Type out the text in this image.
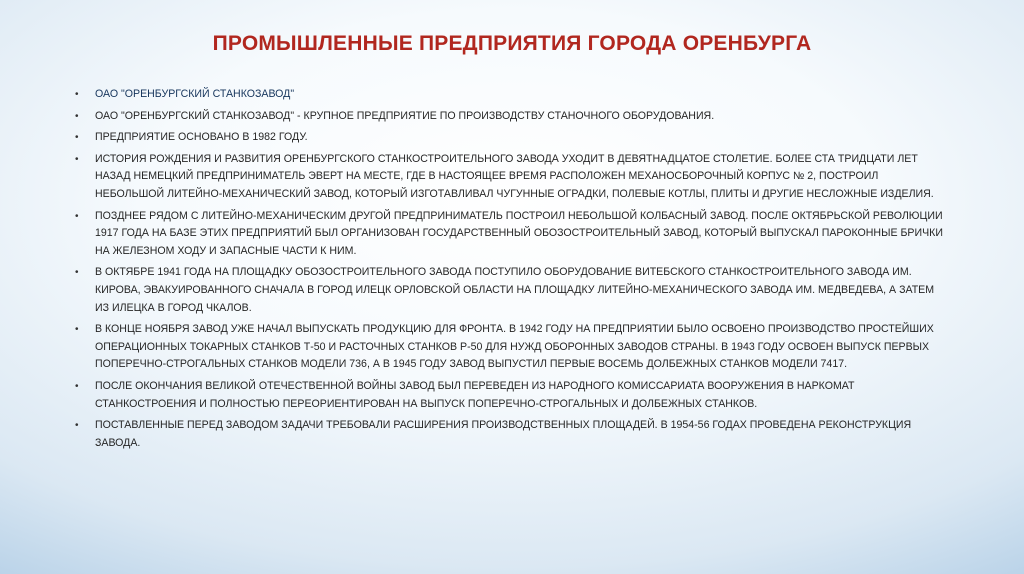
ПРОМЫШЛЕННЫЕ ПРЕДПРИЯТИЯ ГОРОДА ОРЕНБУРГА
• ОАО "ОРЕНБУРГСКИЙ СТАНКОЗАВОД"
• ОАО "ОРЕНБУРГСКИЙ СТАНКОЗАВОД" - КРУПНОЕ ПРЕДПРИЯТИЕ ПО ПРОИЗВОДСТВУ СТАНОЧНОГО ОБОРУДОВАНИЯ.
• ПРЕДПРИЯТИЕ ОСНОВАНО В 1982 ГОДУ.
• ИСТОРИЯ РОЖДЕНИЯ И РАЗВИТИЯ ОРЕНБУРГСКОГО СТАНКОСТРОИТЕЛЬНОГО ЗАВОДА УХОДИТ В ДЕВЯТНАДЦАТОЕ СТОЛЕТИЕ. БОЛЕЕ СТА ТРИДЦАТИ ЛЕТ НАЗАД НЕМЕЦКИЙ ПРЕДПРИНИМАТЕЛЬ ЭВЕРТ НА МЕСТЕ, ГДЕ В НАСТОЯЩЕЕ ВРЕМЯ РАСПОЛОЖЕН МЕХАНОСБОРОЧНЫЙ КОРПУС № 2, ПОСТРОИЛ НЕБОЛЬШОЙ ЛИТЕЙНО-МЕХАНИЧЕСКИЙ ЗАВОД, КОТОРЫЙ ИЗГОТАВЛИВАЛ ЧУГУННЫЕ ОГРАДКИ, ПОЛЕВЫЕ КОТЛЫ, ПЛИТЫ И ДРУГИЕ НЕСЛОЖНЫЕ ИЗДЕЛИЯ.
• ПОЗДНЕЕ РЯДОМ С ЛИТЕЙНО-МЕХАНИЧЕСКИМ ДРУГОЙ ПРЕДПРИНИМАТЕЛЬ ПОСТРОИЛ НЕБОЛЬШОЙ КОЛБАСНЫЙ ЗАВОД. ПОСЛЕ ОКТЯБРЬСКОЙ РЕВОЛЮЦИИ 1917 ГОДА НА БАЗЕ ЭТИХ ПРЕДПРИЯТИЙ БЫЛ ОРГАНИЗОВАН ГОСУДАРСТВЕННЫЙ ОБОЗОСТРОИТЕЛЬНЫЙ ЗАВОД, КОТОРЫЙ ВЫПУСКАЛ ПАРОКОННЫЕ БРИЧКИ НА ЖЕЛЕЗНОМ ХОДУ И ЗАПАСНЫЕ ЧАСТИ К НИМ.
• В ОКТЯБРЕ 1941 ГОДА НА ПЛОЩАДКУ ОБОЗОСТРОИТЕЛЬНОГО ЗАВОДА ПОСТУПИЛО ОБОРУДОВАНИЕ ВИТЕБСКОГО СТАНКОСТРОИТЕЛЬНОГО ЗАВОДА ИМ. КИРОВА, ЭВАКУИРОВАННОГО СНАЧАЛА В ГОРОД ИЛЕЦК ОРЛОВСКОЙ ОБЛАСТИ НА ПЛОЩАДКУ ЛИТЕЙНО-МЕХАНИЧЕСКОГО ЗАВОДА ИМ. МЕДВЕДЕВА, А ЗАТЕМ ИЗ ИЛЕЦКА В ГОРОД ЧКАЛОВ.
• В КОНЦЕ НОЯБРЯ ЗАВОД УЖЕ НАЧАЛ ВЫПУСКАТЬ ПРОДУКЦИЮ ДЛЯ ФРОНТА. В 1942 ГОДУ НА ПРЕДПРИЯТИИ БЫЛО ОСВОЕНО ПРОИЗВОДСТВО ПРОСТЕЙШИХ ОПЕРАЦИОННЫХ ТОКАРНЫХ СТАНКОВ Т-50 И РАСТОЧНЫХ СТАНКОВ Р-50 ДЛЯ НУЖД ОБОРОННЫХ ЗАВОДОВ СТРАНЫ. В 1943 ГОДУ ОСВОЕН ВЫПУСК ПЕРВЫХ ПОПЕРЕЧНО-СТРОГАЛЬНЫХ СТАНКОВ МОДЕЛИ 736, А В 1945 ГОДУ ЗАВОД ВЫПУСТИЛ ПЕРВЫЕ ВОСЕМЬ ДОЛБЕЖНЫХ СТАНКОВ МОДЕЛИ 7417.
• ПОСЛЕ ОКОНЧАНИЯ ВЕЛИКОЙ ОТЕЧЕСТВЕННОЙ ВОЙНЫ ЗАВОД БЫЛ ПЕРЕВЕДЕН ИЗ НАРОДНОГО КОМИССАРИАТА ВООРУЖЕНИЯ В НАРКОМАТ СТАНКОСТРОЕНИЯ И ПОЛНОСТЬЮ ПЕРЕОРИЕНТИРОВАН НА ВЫПУСК ПОПЕРЕЧНО-СТРОГАЛЬНЫХ И ДОЛБЕЖНЫХ СТАНКОВ.
• ПОСТАВЛЕННЫЕ ПЕРЕД ЗАВОДОМ ЗАДАЧИ ТРЕБОВАЛИ РАСШИРЕНИЯ ПРОИЗВОДСТВЕННЫХ ПЛОЩАДЕЙ. В 1954-56 ГОДАХ ПРОВЕДЕНА РЕКОНСТРУКЦИЯ ЗАВОДА.
